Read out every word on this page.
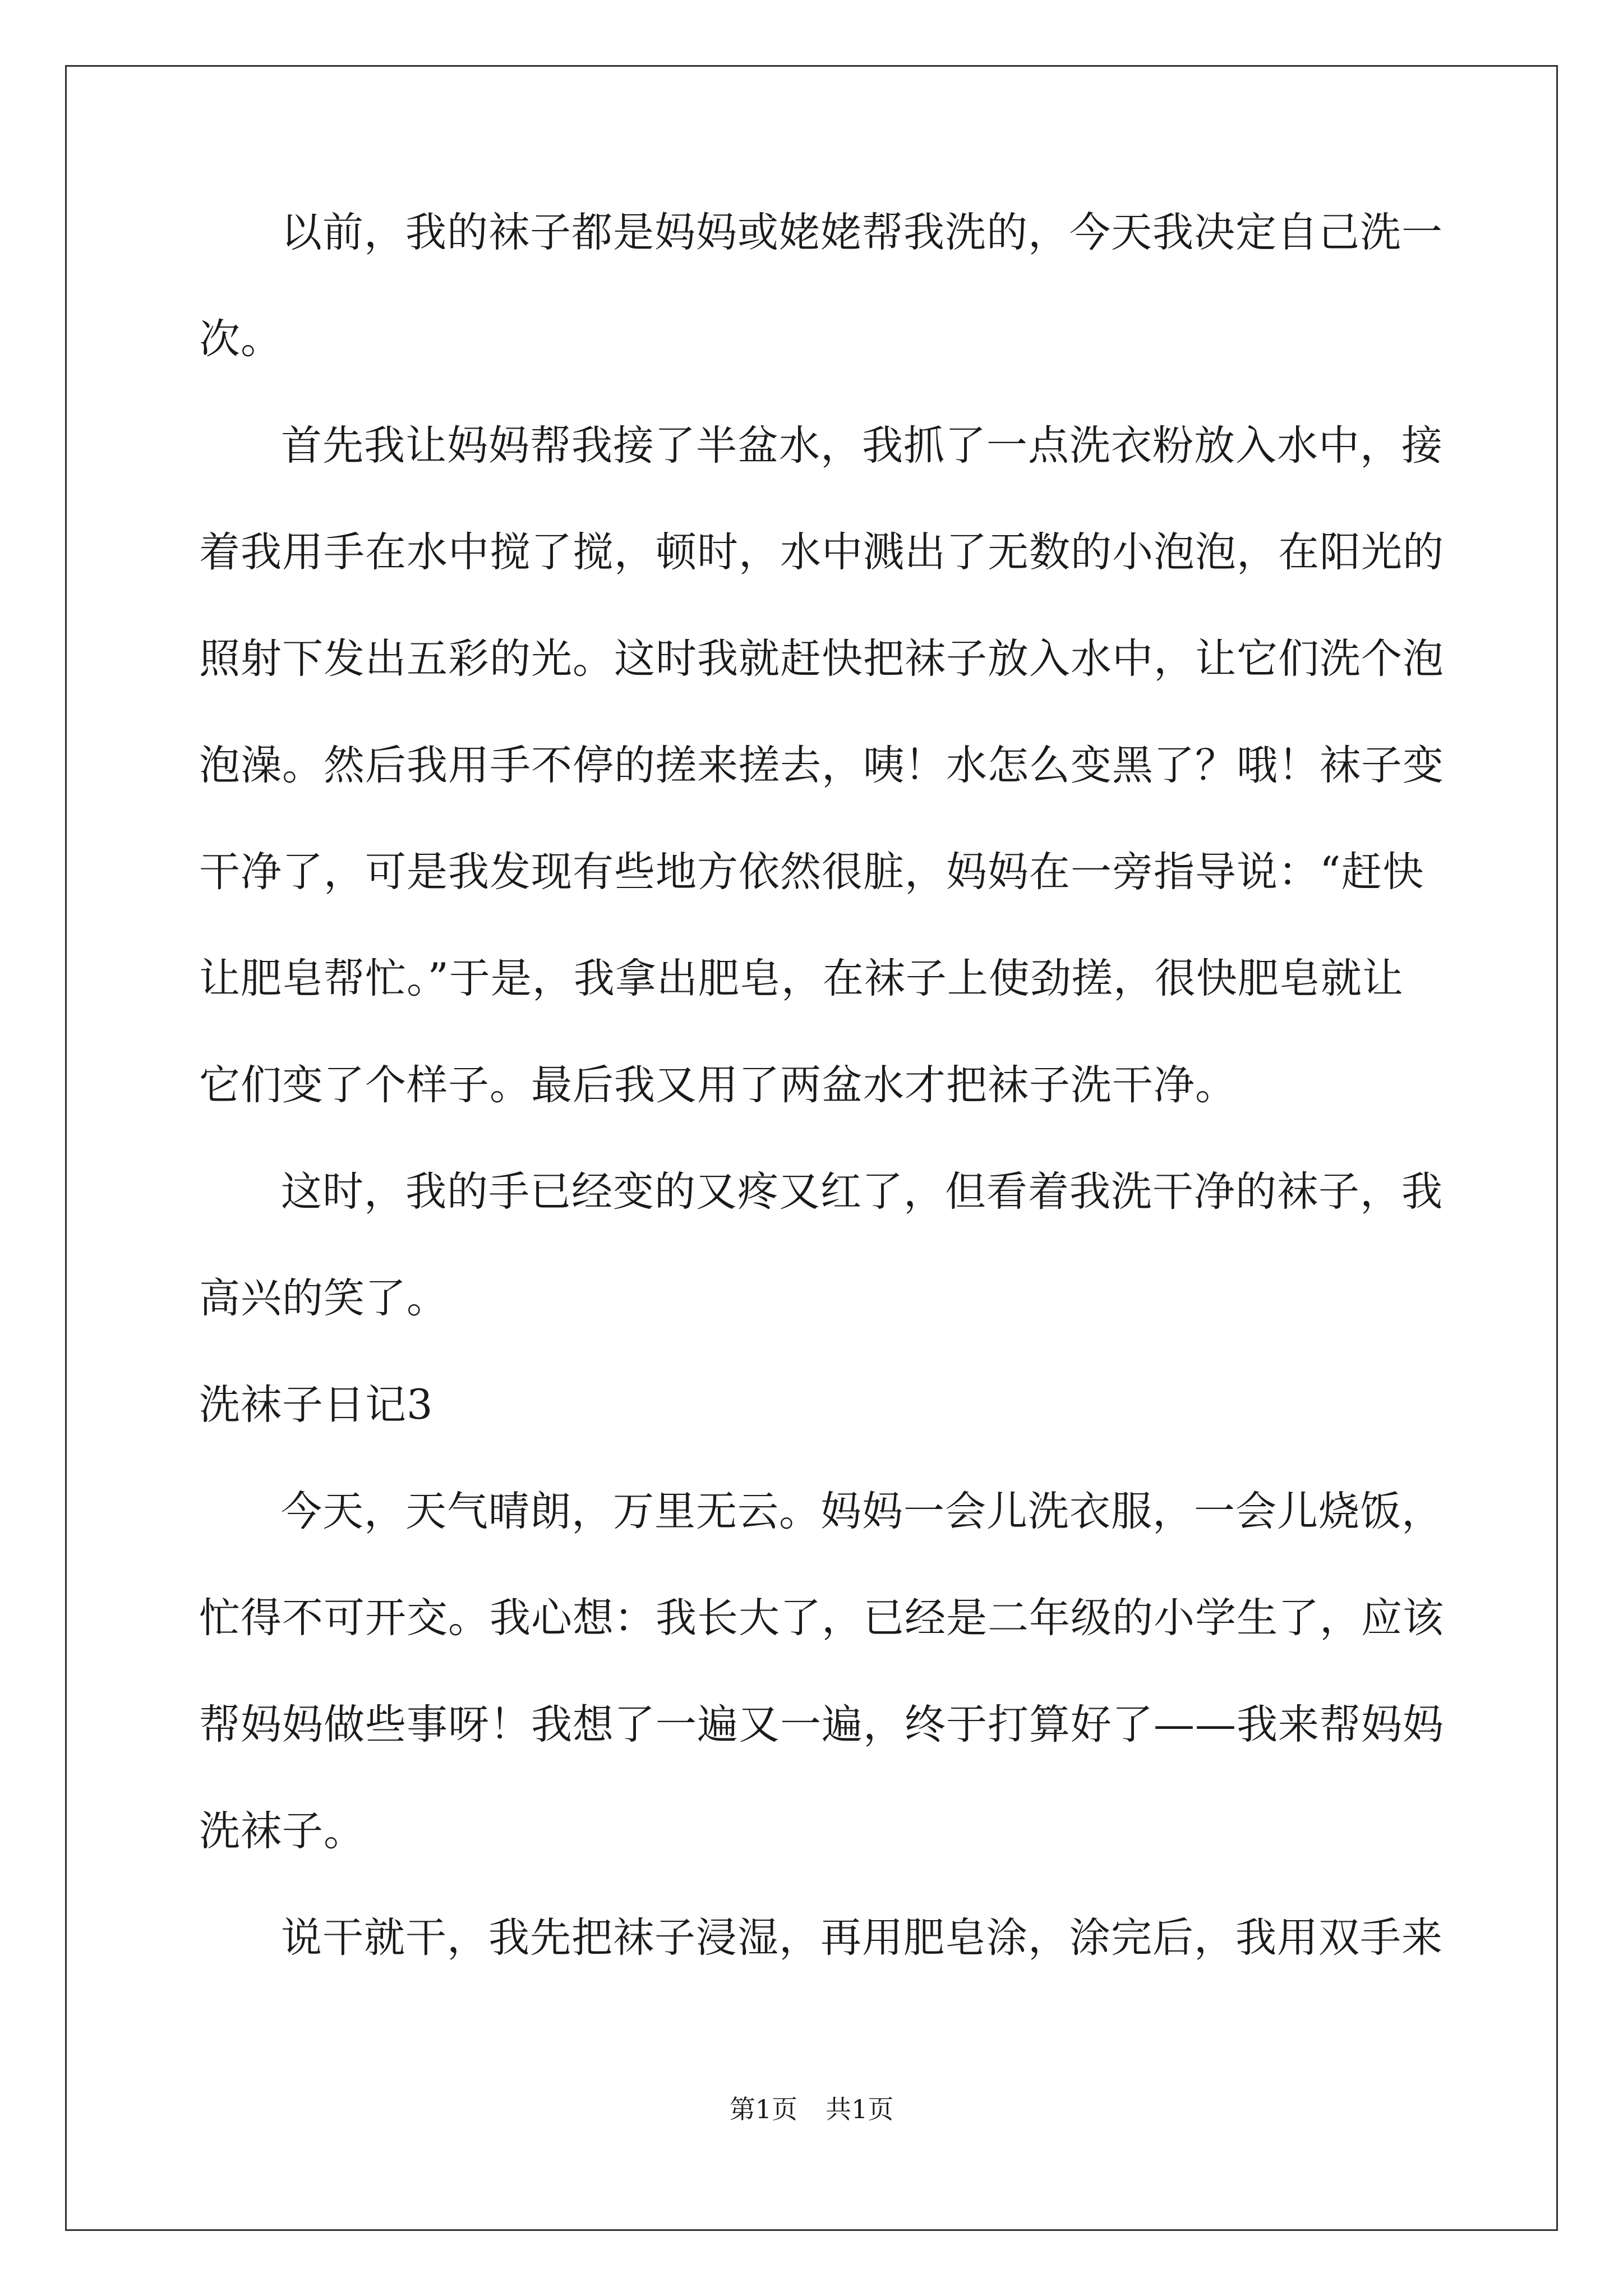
以前，我的袜子都是妈妈或姥姥帮我洗的，今天我决定自己洗一
次。
首先我让妈妈帮我接了半盆水，我抓了一点洗衣粉放入水中，接
着我用手在水中搅了搅，顿时，水中溅出了无数的小泡泡，在阳光的
照射下发出五彩的光。这时我就赶快把袜子放入水中，让它们洗个泡
泡澡。然后我用手不停的搓来搓去，咦！水怎么变黑了？哦！袜子变
干净了，可是我发现有些地方依然很脏，妈妈在一旁指导说：“赶快
让肥皂帮忙。”于是，我拿出肥皂，在袜子上使劲搓，很快肥皂就让
它们变了个样子。最后我又用了两盆水才把袜子洗干净。
这时，我的手已经变的又疼又红了，但看着我洗干净的袜子，我
高兴的笑了。
洗袜子日记3
今天，天气晴朗，万里无云。妈妈一会儿洗衣服，一会儿烧饭，
忙得不可开交。我心想：我长大了，已经是二年级的小学生了，应该
帮妈妈做些事呀！我想了一遍又一遍，终于打算好了——我来帮妈妈
洗袜子。
说干就干，我先把袜子浸湿，再用肥皂涂，涂完后，我用双手来
第1页 共1页
